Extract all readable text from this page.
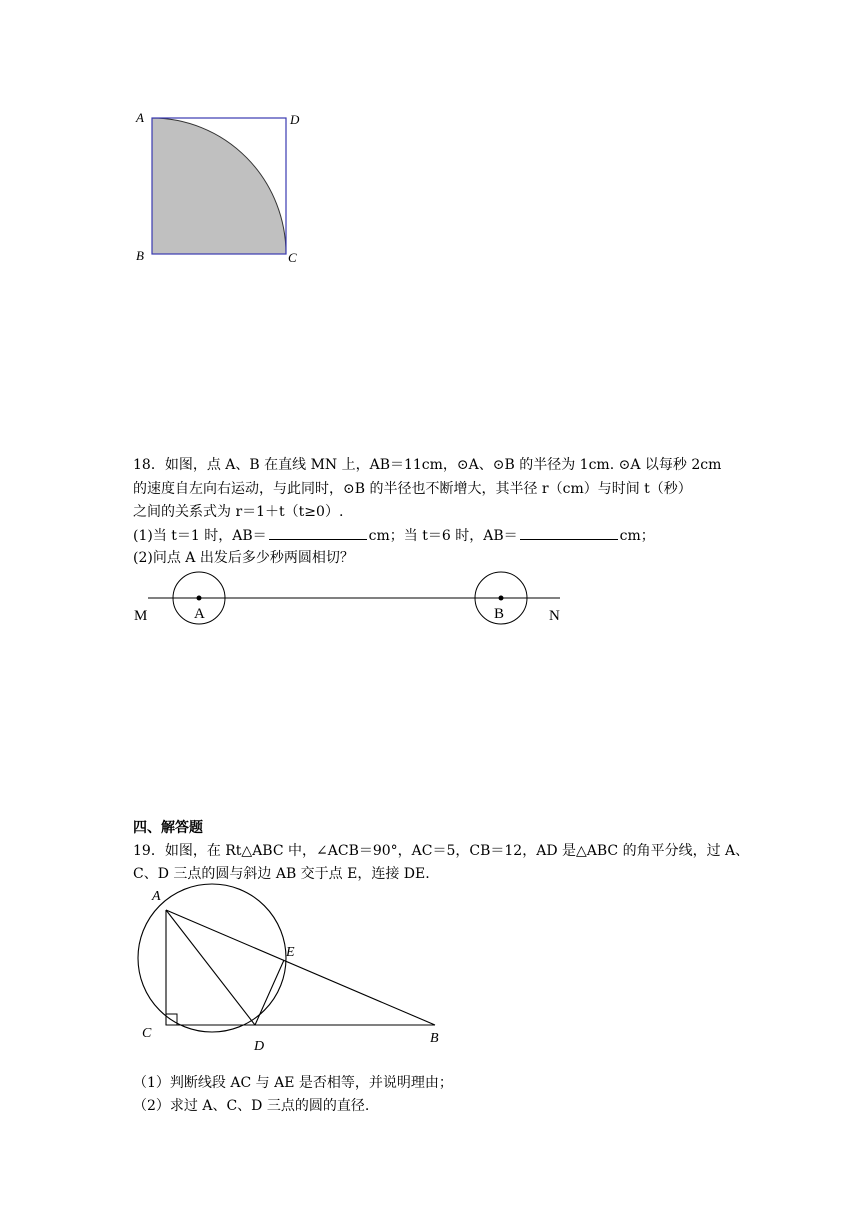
A	D
B	C
18．如图，点 A、B 在直线 MN 上，AB＝11cm，⊙A、⊙B 的半径为 1cm. ⊙A 以每秒 2cm
的速度自左向右运动，与此同时，⊙B 的半径也不断增大，其半径 r（cm）与时间 t（秒）
之间的关系式为 r＝1＋t（t≥0）.
(1)当 t＝1 时，AB＝	cm；当 t＝6 时，AB＝	cm；
(2)问点 A 出发后多少秒两圆相切？
M	A	B	N
四、解答题
19．如图，在 Rt△ABC 中，∠ACB＝90°，AC＝5，CB＝12，AD 是△ABC 的角平分线，过 A、
C、D 三点的圆与斜边 AB 交于点 E，连接 DE.
A
E
C
D
B
（1）判断线段 AC 与 AE 是否相等，并说明理由；
（2）求过 A、C、D 三点的圆的直径.
